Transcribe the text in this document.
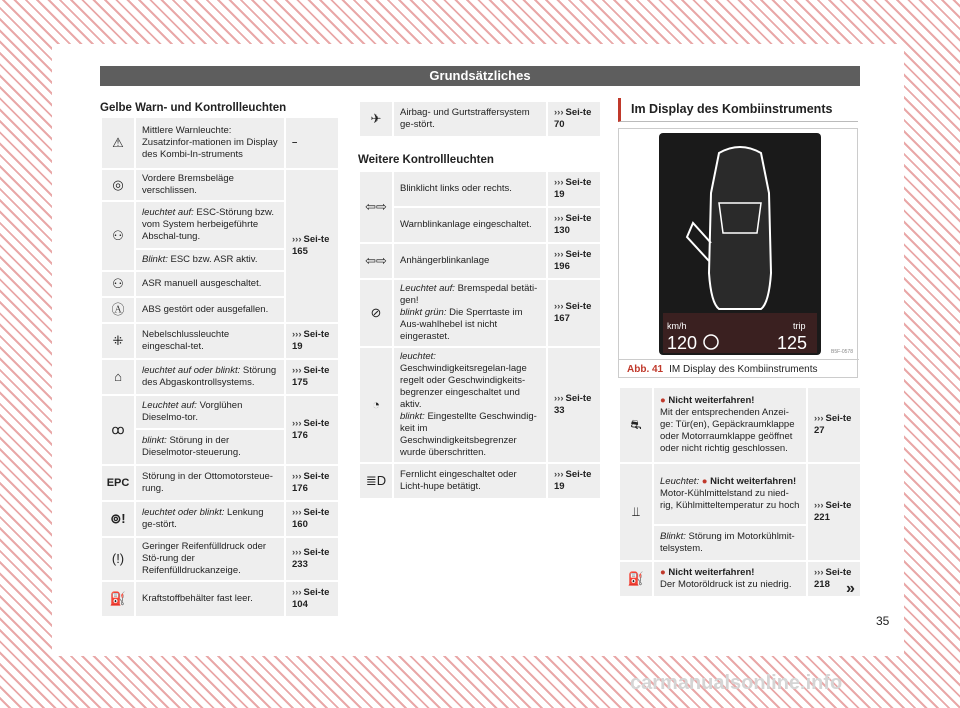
Grundsätzliches
Gelbe Warn- und Kontrollleuchten
⚠	Mittlere Warnleuchte: Zusatzinfor-mationen im Display des Kombi-In-struments	–
◎	Vordere Bremsbeläge verschlissen.	››› Sei-te 165
⚇	leuchtet auf: ESC-Störung bzw. vom System herbeigeführte Abschal-tung.	
	Blinkt: ESC bzw. ASR aktiv.	
⚇	ASR manuell ausgeschaltet.	
Ⓐ	ABS gestört oder ausgefallen.	
⁜	Nebelschlussleuchte eingeschal-tet.	››› Sei-te 19
⌂	leuchtet auf oder blinkt: Störung des Abgaskontrollsystems.	››› Sei-te 175
ꝏ	Leuchtet auf: Vorglühen Dieselmo-tor.	››› Sei-te 176
	blinkt: Störung in der Dieselmotor-steuerung.	
EPC	Störung in der Ottomotorsteue-rung.	››› Sei-te 176
⊚!	leuchtet oder blinkt: Lenkung ge-stört.	››› Sei-te 160
(!)	Geringer Reifenfülldruck oder Stö-rung der Reifenfülldruckanzeige.	››› Sei-te 233
⛽	Kraftstoffbehälter fast leer.	››› Sei-te 104
✈	Airbag- und Gurtstraffersystem ge-stört.	››› Sei-te 70
Weitere Kontrollleuchten
⇦⇨	Blinklicht links oder rechts.	››› Sei-te 19
	Warnblinkanlage eingeschaltet.	››› Sei-te 130
⇦⇨	Anhängerblinkanlage	››› Sei-te 196
⊘	Leuchtet auf: Bremspedal betäti-gen!
blinkt grün: Die Sperrtaste im Aus-wahlhebel ist nicht eingerastet.	››› Sei-te 167
◔	leuchtet: Geschwindigkeitsregelan-lage regelt oder Geschwindigkeits-begrenzer eingeschaltet und aktiv.
blinkt: Eingestellte Geschwindig-keit im Geschwindigkeitsbegrenzer wurde überschritten.	››› Sei-te 33
≣D	Fernlicht eingeschaltet oder Licht-hupe betätigt.	››› Sei-te 19
Im Display des Kombiinstruments
km/h
120
trip
125	B5F-0578
Abb. 41 IM Display des Kombiinstruments
⛐	● Nicht weiterfahren!
Mit der entsprechenden Anzei-ge: Tür(en), Gepäckraumklappe oder Motorraumklappe geöffnet oder nicht richtig geschlossen.	››› Sei-te 27
⫫	Leuchtet: ● Nicht weiterfahren!
Motor-Kühlmittelstand zu nied-rig, Kühlmitteltemperatur zu hoch	››› Sei-te 221
	Blinkt: Störung im Motorkühlmit-telsystem.	
⛽	● Nicht weiterfahren!
Der Motoröldruck ist zu niedrig.	››› Sei-te 218 »
35
carmanualsonline.info
